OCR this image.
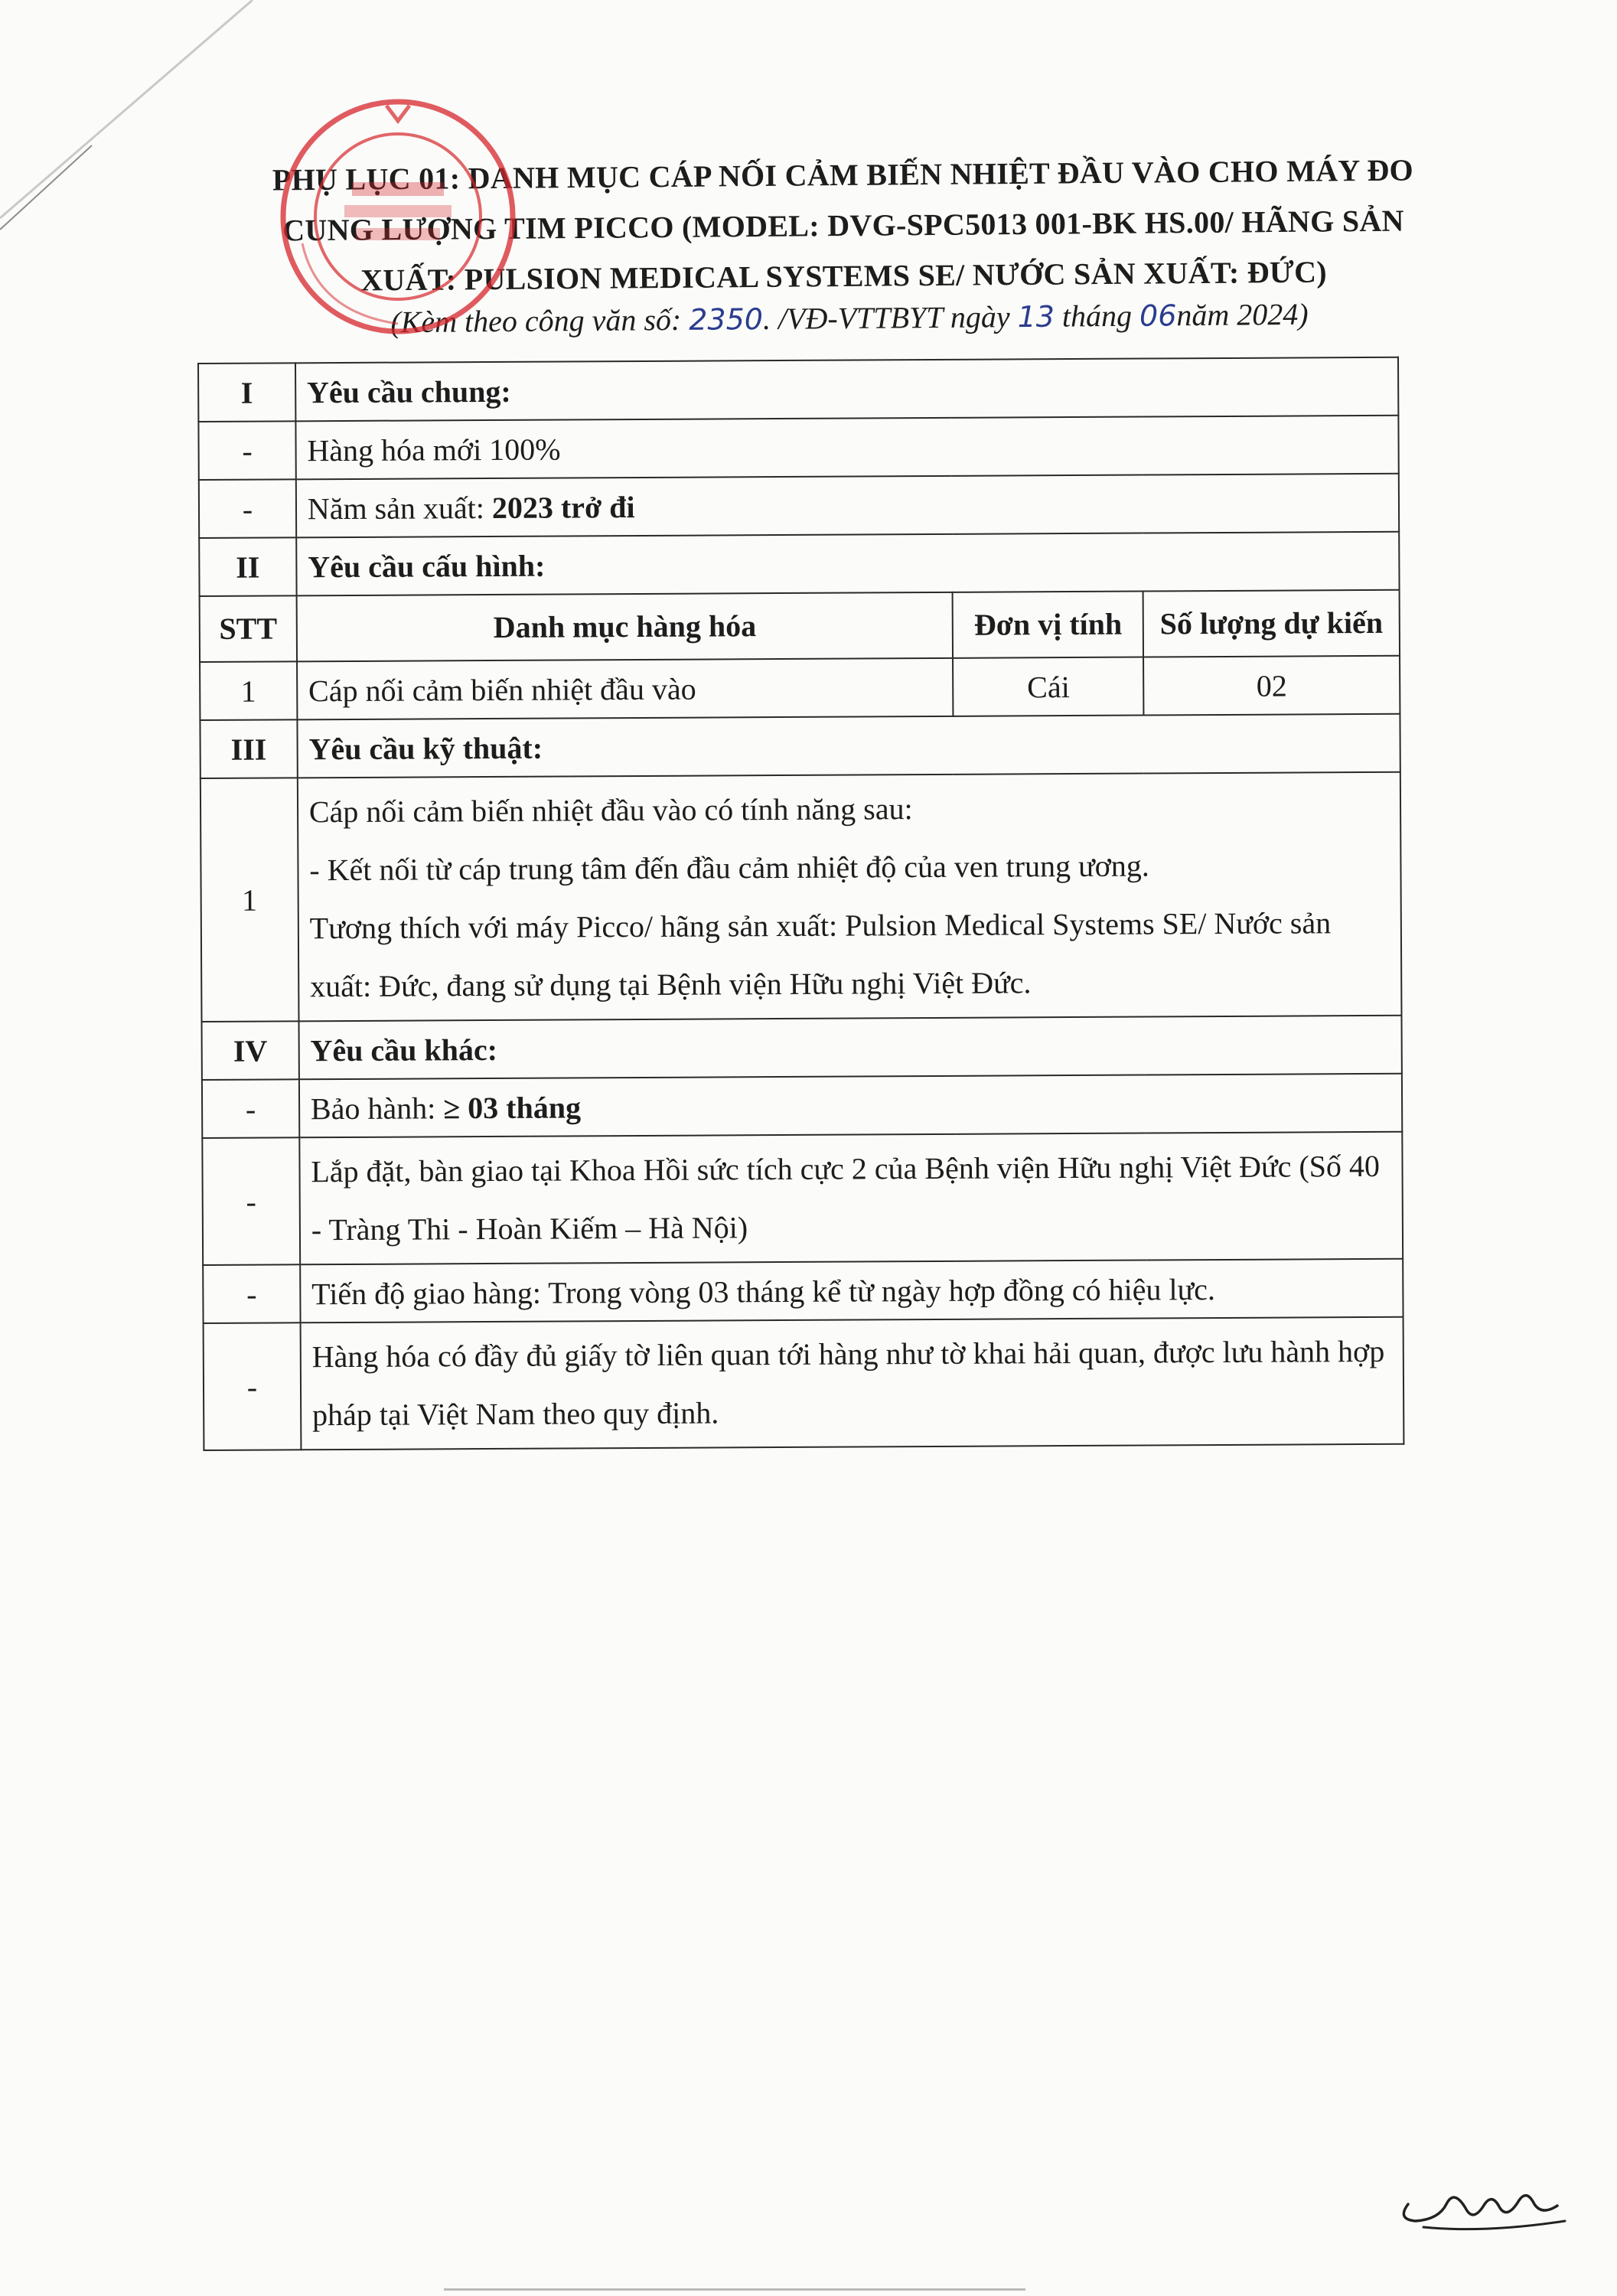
PHỤ LỤC 01: DANH MỤC CÁP NỐI CẢM BIẾN NHIỆT ĐẦU VÀO CHO MÁY ĐO
CUNG LƯỢNG TIM PICCO (MODEL: DVG-SPC5013 001-BK HS.00/ HÃNG SẢN
XUẤT: PULSION MEDICAL SYSTEMS SE/ NƯỚC SẢN XUẤT: ĐỨC)
(Kèm theo công văn số: 2350. /VĐ-VTTBYT ngày 13 tháng 06năm 2024)
I	Yêu cầu chung:		
-	Hàng hóa mới 100%		
-	Năm sản xuất: 2023 trở đi		
II	Yêu cầu cấu hình:		
STT	Danh mục hàng hóa	Đơn vị tính	Số lượng dự kiến
1	Cáp nối cảm biến nhiệt đầu vào	Cái	02
III	Yêu cầu kỹ thuật:		
1	Cáp nối cảm biến nhiệt đầu vào có tính năng sau:
- Kết nối từ cáp trung tâm đến đầu cảm nhiệt độ của ven trung ương.
Tương thích với máy Picco/ hãng sản xuất: Pulsion Medical Systems SE/ Nước sản xuất: Đức, đang sử dụng tại Bệnh viện Hữu nghị Việt Đức.		

IV	Yêu cầu khác:		
-	Bảo hành: ≥ 03 tháng		
-	Lắp đặt, bàn giao tại Khoa Hồi sức tích cực 2 của Bệnh viện Hữu nghị Việt Đức (Số 40 - Tràng Thi - Hoàn Kiếm – Hà Nội)		
-	Tiến độ giao hàng: Trong vòng 03 tháng kể từ ngày hợp đồng có hiệu lực.		
-	Hàng hóa có đầy đủ giấy tờ liên quan tới hàng như tờ khai hải quan, được lưu hành hợp pháp tại Việt Nam theo quy định.		
